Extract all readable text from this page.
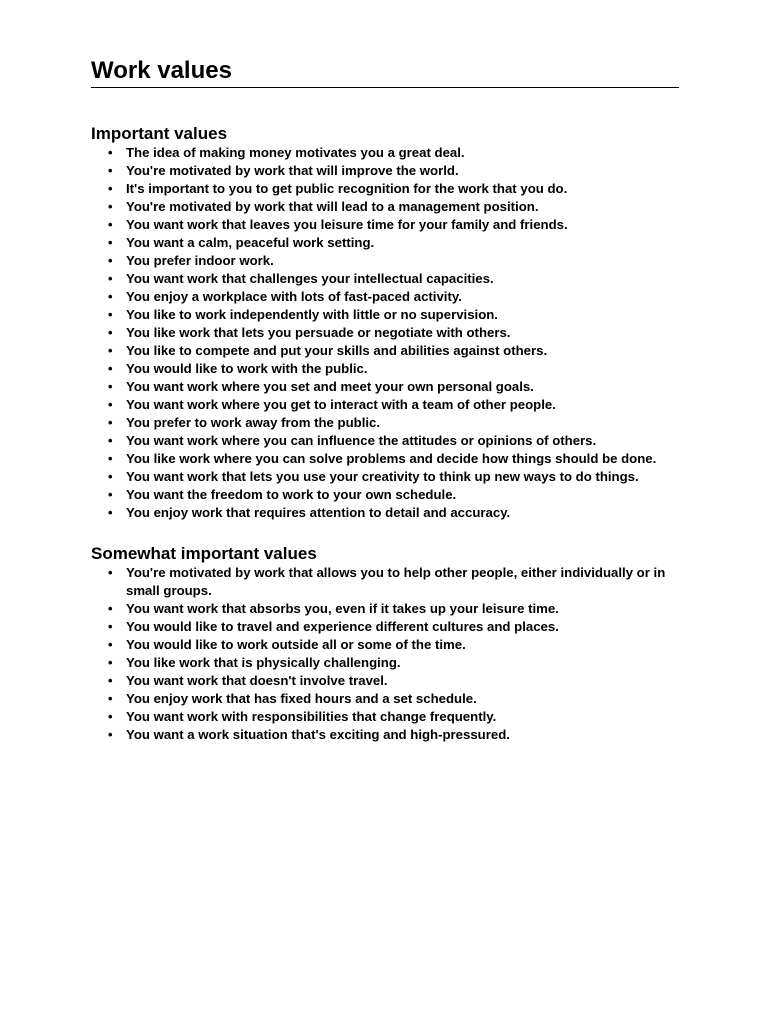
Work values
Important values
• The idea of making money motivates you a great deal.
• You're motivated by work that will improve the world.
• It's important to you to get public recognition for the work that you do.
• You're motivated by work that will lead to a management position.
• You want work that leaves you leisure time for your family and friends.
• You want a calm, peaceful work setting.
• You prefer indoor work.
• You want work that challenges your intellectual capacities.
• You enjoy a workplace with lots of fast-paced activity.
• You like to work independently with little or no supervision.
• You like work that lets you persuade or negotiate with others.
• You like to compete and put your skills and abilities against others.
• You would like to work with the public.
• You want work where you set and meet your own personal goals.
• You want work where you get to interact with a team of other people.
• You prefer to work away from the public.
• You want work where you can influence the attitudes or opinions of others.
• You like work where you can solve problems and decide how things should be done.
• You want work that lets you use your creativity to think up new ways to do things.
• You want the freedom to work to your own schedule.
• You enjoy work that requires attention to detail and accuracy.
Somewhat important values
• You're motivated by work that allows you to help other people, either individually or in small groups.
• You want work that absorbs you, even if it takes up your leisure time.
• You would like to travel and experience different cultures and places.
• You would like to work outside all or some of the time.
• You like work that is physically challenging.
• You want work that doesn't involve travel.
• You enjoy work that has fixed hours and a set schedule.
• You want work with responsibilities that change frequently.
• You want a work situation that's exciting and high-pressured.
